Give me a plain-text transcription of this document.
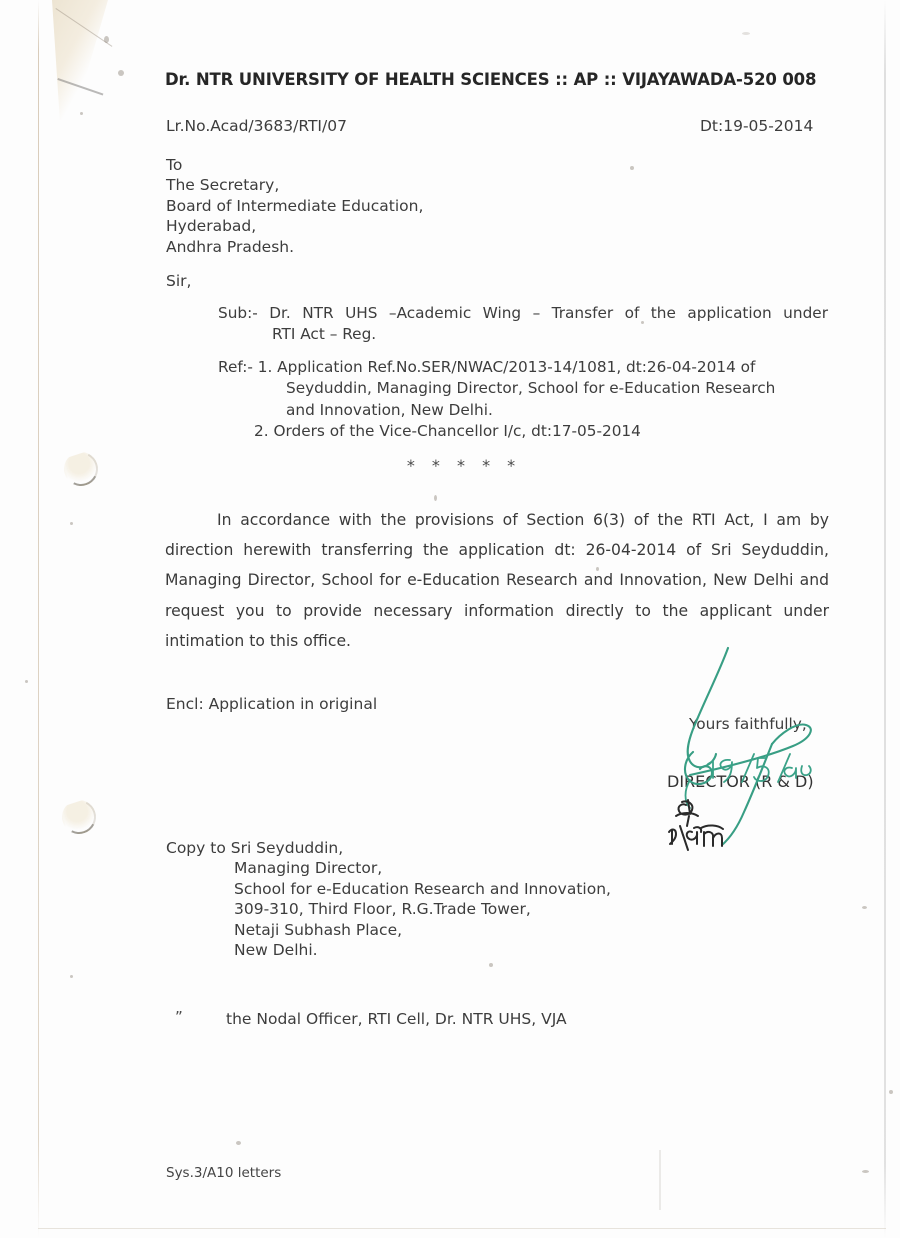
Dr. NTR UNIVERSITY OF HEALTH SCIENCES :: AP :: VIJAYAWADA-520 008
Lr.No.Acad/3683/RTI/07	Dt:19-05-2014
To
The Secretary,
Board of Intermediate Education,
Hyderabad,
Andhra Pradesh.
Sir,
Sub:- Dr. NTR UHS –Academic Wing – Transfer of the application under
RTI Act – Reg.
Ref:- 1. Application Ref.No.SER/NWAC/2013-14/1081, dt:26-04-2014 of
Seyduddin, Managing Director, School for e-Education Research
and Innovation, New Delhi.
2. Orders of the Vice-Chancellor I/c, dt:17-05-2014
* * * * *
In accordance with the provisions of Section 6(3) of the RTI Act, I am by direction herewith transferring the application dt: 26-04-2014 of Sri Seyduddin, Managing Director, School for e-Education Research and Innovation, New Delhi and request you to provide necessary information directly to the applicant under intimation to this office.
Encl: Application in original
Yours faithfully,
DIRECTOR (R & D)
Copy to Sri Seyduddin,
Managing Director,
School for e-Education Research and Innovation,
309-310, Third Floor, R.G.Trade Tower,
Netaji Subhash Place,
New Delhi.
”	the Nodal Officer, RTI Cell, Dr. NTR UHS, VJA
Sys.3/A10 letters
